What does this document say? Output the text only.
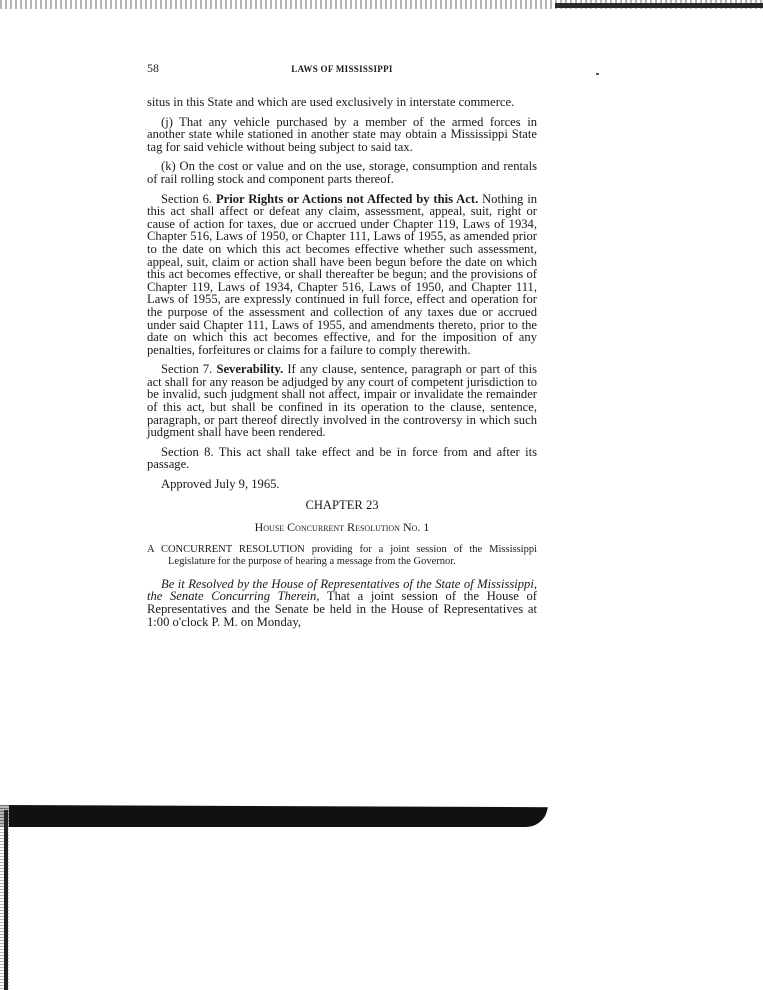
58	LAWS OF MISSISSIPPI

situs in this State and which are used exclusively in interstate commerce.

(j) That any vehicle purchased by a member of the armed forces in another state while stationed in another state may obtain a Mississippi State tag for said vehicle without being subject to said tax.

(k) On the cost or value and on the use, storage, consumption and rentals of rail rolling stock and component parts thereof.

Section 6. Prior Rights or Actions not Affected by this Act. Nothing in this act shall affect or defeat any claim, assessment, appeal, suit, right or cause of action for taxes, due or accrued under Chapter 119, Laws of 1934, Chapter 516, Laws of 1950, or Chapter 111, Laws of 1955, as amended prior to the date on which this act becomes effective whether such assessment, appeal, suit, claim or action shall have been begun before the date on which this act becomes effective, or shall thereafter be begun; and the provisions of Chapter 119, Laws of 1934, Chapter 516, Laws of 1950, and Chapter 111, Laws of 1955, are expressly continued in full force, effect and operation for the purpose of the assessment and collection of any taxes due or accrued under said Chapter 111, Laws of 1955, and amendments thereto, prior to the date on which this act becomes effective, and for the imposition of any penalties, forfeitures or claims for a failure to comply therewith.

Section 7. Severability. If any clause, sentence, paragraph or part of this act shall for any reason be adjudged by any court of competent jurisdiction to be invalid, such judgment shall not affect, impair or invalidate the remainder of this act, but shall be confined in its operation to the clause, sentence, paragraph, or part thereof directly involved in the controversy in which such judgment shall have been rendered.

Section 8. This act shall take effect and be in force from and after its passage.

Approved July 9, 1965.

CHAPTER 23
House Concurrent Resolution No. 1
A CONCURRENT RESOLUTION providing for a joint session of the Mississippi Legislature for the purpose of hearing a message from the Governor.

Be it Resolved by the House of Representatives of the State of Mississippi, the Senate Concurring Therein, That a joint session of the House of Representatives and the Senate be held in the House of Representatives at 1:00 o'clock P. M. on Monday,
